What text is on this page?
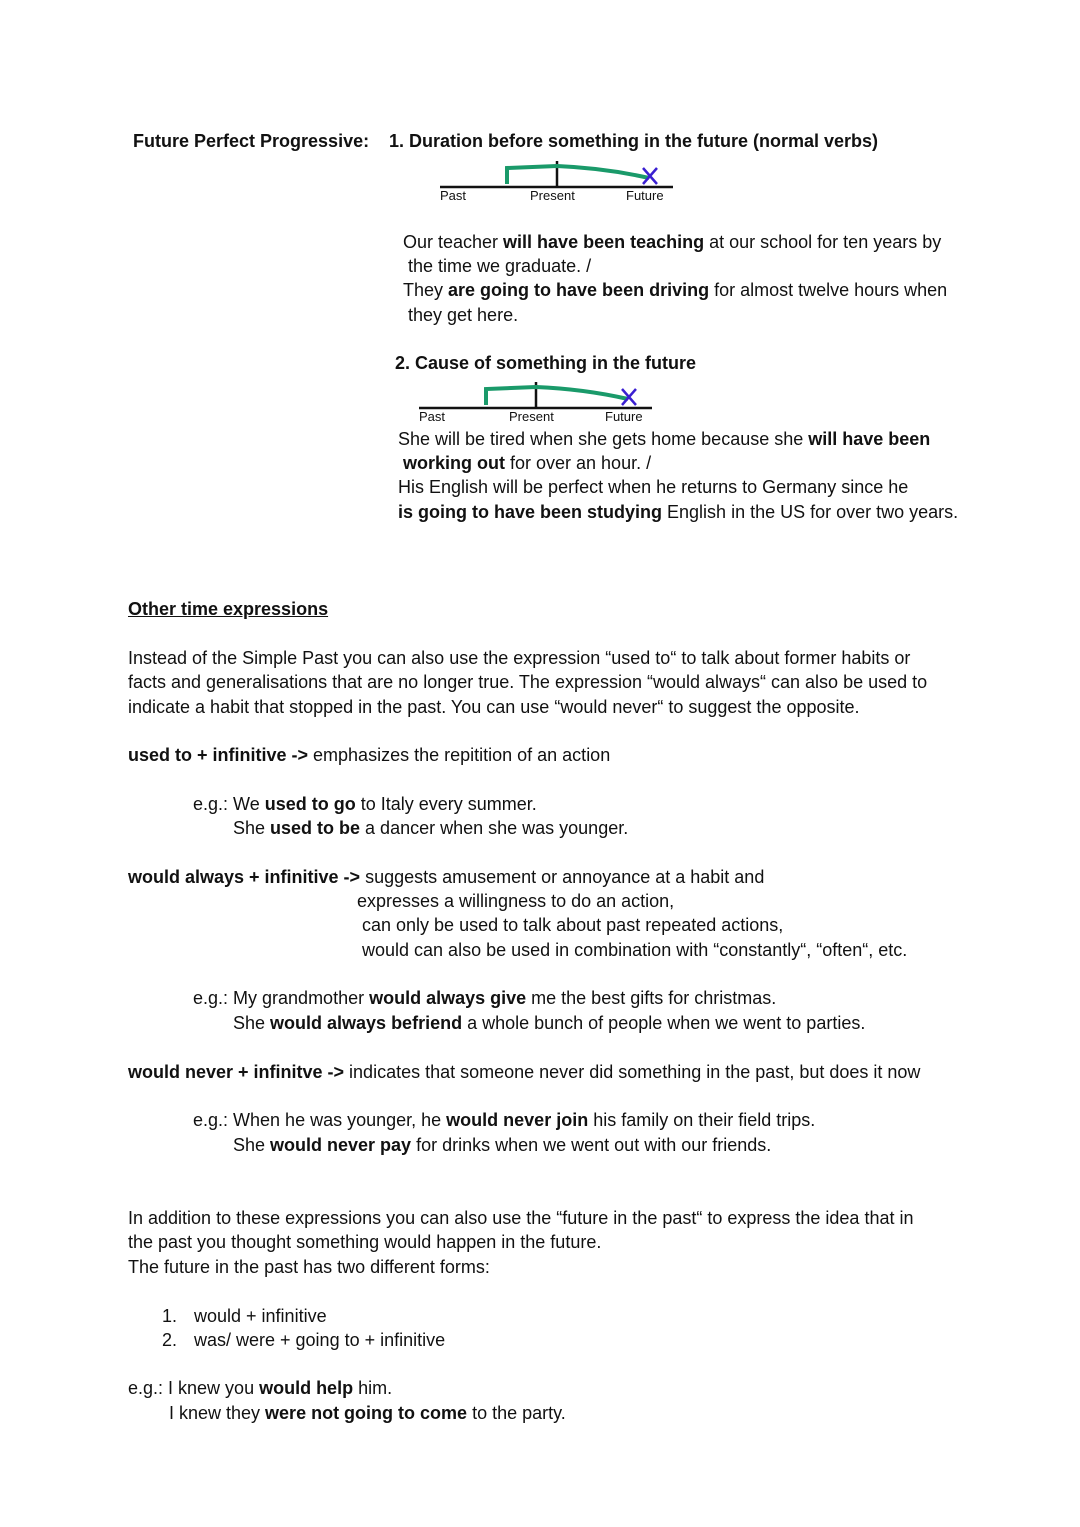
Future Perfect Progressive: 1. Duration before something in the future (normal verbs)
Past	Present	Future
Our teacher will have been teaching at our school for ten years by
the time we graduate. /
They are going to have been driving for almost twelve hours when
they get here.
2. Cause of something in the future
Past	Present	Future
She will be tired when she gets home because she will have been
working out for over an hour. /
His English will be perfect when he returns to Germany since he
is going to have been studying English in the US for over two years.
Other time expressions
Instead of the Simple Past you can also use the expression “used to“ to talk about former habits or
facts and generalisations that are no longer true. The expression “would always“ can also be used to
indicate a habit that stopped in the past. You can use “would never“ to suggest the opposite.
used to + infinitive -> emphasizes the repitition of an action
e.g.: We used to go to Italy every summer.
She used to be a dancer when she was younger.
would always + infinitive -> suggests amusement or annoyance at a habit and
expresses a willingness to do an action,
can only be used to talk about past repeated actions,
would can also be used in combination with “constantly“, “often“, etc.
e.g.: My grandmother would always give me the best gifts for christmas.
She would always befriend a whole bunch of people when we went to parties.
would never + infinitve -> indicates that someone never did something in the past, but does it now
e.g.: When he was younger, he would never join his family on their field trips.
She would never pay for drinks when we went out with our friends.
In addition to these expressions you can also use the “future in the past“ to express the idea that in
the past you thought something would happen in the future.
The future in the past has two different forms:
1. would + infinitive
2. was/ were + going to + infinitive
e.g.: I knew you would help him.
I knew they were not going to come to the party.
